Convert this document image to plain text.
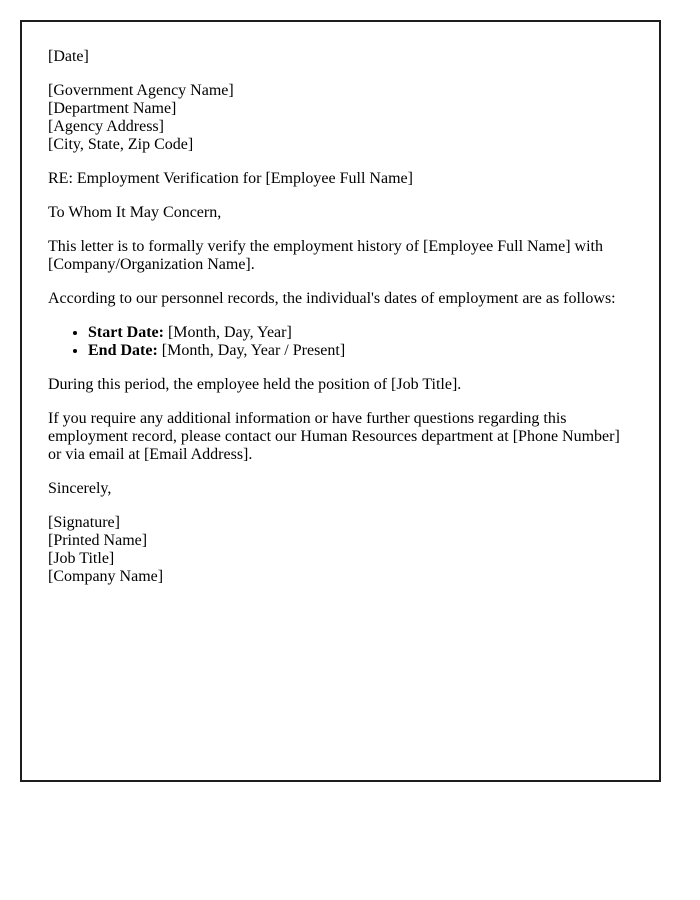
[Date]

[Government Agency Name]
[Department Name]
[Agency Address]
[City, State, Zip Code]

RE: Employment Verification for [Employee Full Name]

To Whom It May Concern,

This letter is to formally verify the employment history of [Employee Full Name] with [Company/Organization Name].

According to our personnel records, the individual's dates of employment are as follows:

• Start Date: [Month, Day, Year]
• End Date: [Month, Day, Year / Present]

During this period, the employee held the position of [Job Title].

If you require any additional information or have further questions regarding this employment record, please contact our Human Resources department at [Phone Number] or via email at [Email Address].

Sincerely,

[Signature]
[Printed Name]
[Job Title]
[Company Name]
